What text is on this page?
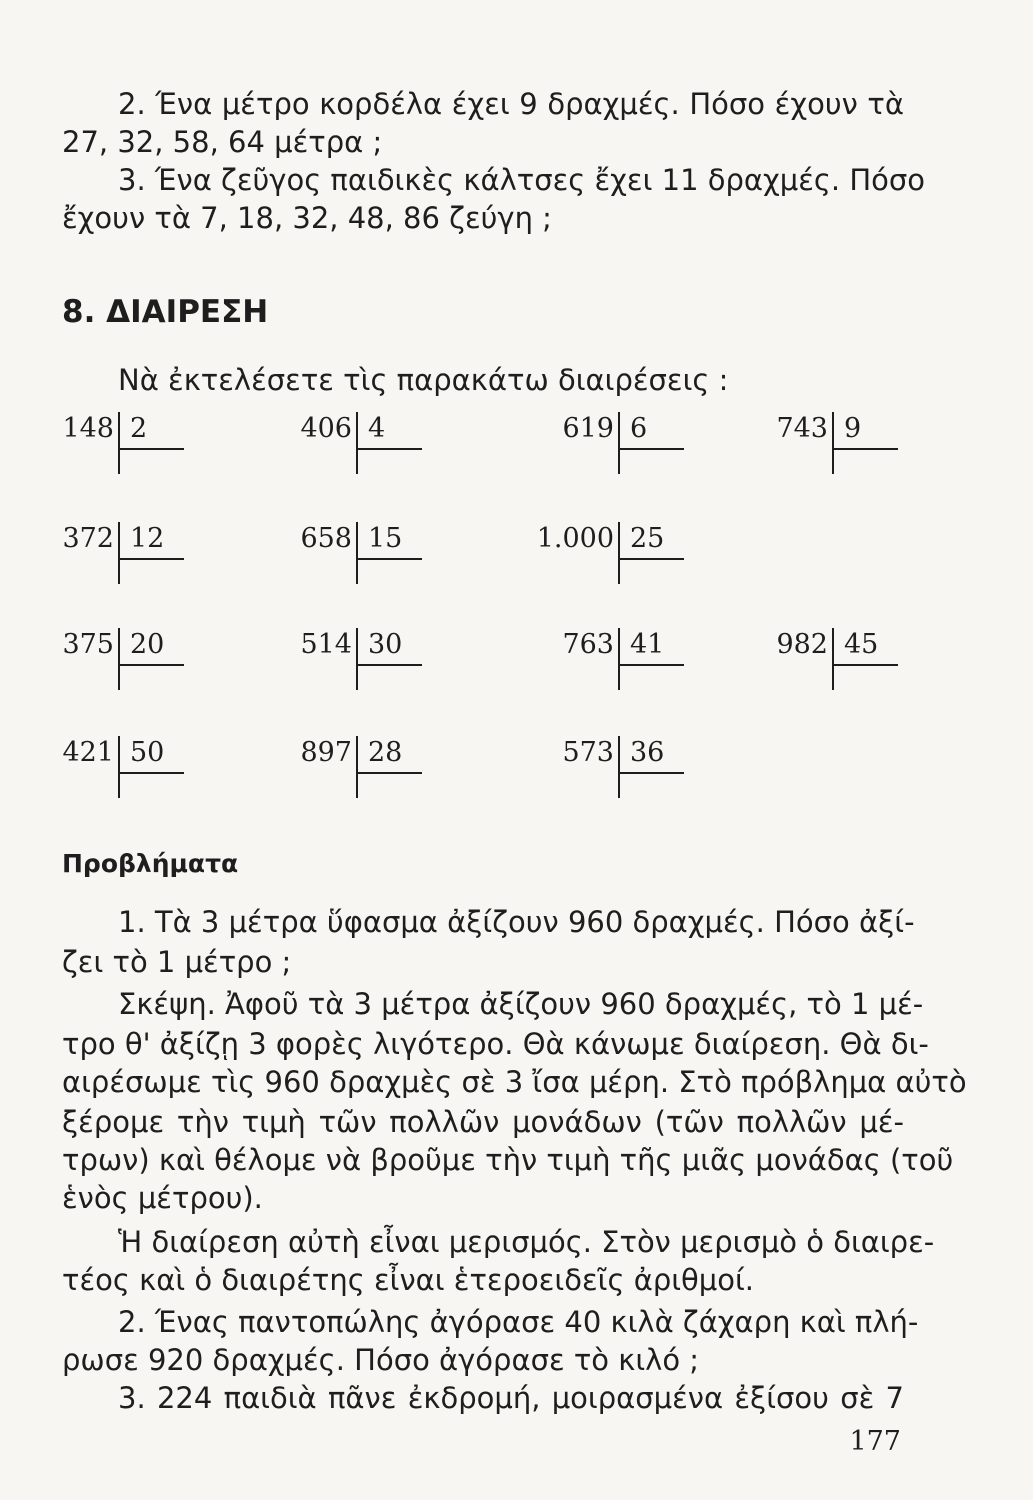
2. Ένα μέτρο κορδέλα έχει 9 δραχμές. Πόσο έχουν τὰ
27, 32, 58, 64 μέτρα ;
3. Ένα ζεῦγος παιδικὲς κάλτσες ἔχει 11 δραχμές. Πόσο
ἔχουν τὰ 7, 18, 32, 48, 86 ζεύγη ;
8. ΔΙΑΙΡΕΣΗ
Νὰ ἐκτελέσετε τὶς παρακάτω διαιρέσεις :
148 2	406 4	619 6	743 9
372 12	658 15	1.000 25
375 20	514 30	763 41	982 45
421 50	897 28	573 36
Προβλήματα
1. Τὰ 3 μέτρα ὕφασμα ἀξίζουν 960 δραχμές. Πόσο ἀξί-
ζει τὸ 1 μέτρο ;
Σκέψη. Ἀφοῦ τὰ 3 μέτρα ἀξίζουν 960 δραχμές, τὸ 1 μέ-
τρο θ' ἀξίζῃ 3 φορὲς λιγότερο. Θὰ κάνωμε διαίρεση. Θὰ δι-
αιρέσωμε τὶς 960 δραχμὲς σὲ 3 ἴσα μέρη. Στὸ πρόβλημα αὐτὸ
ξέρομε τὴν τιμὴ τῶν πολλῶν μονάδων (τῶν πολλῶν μέ-
τρων) καὶ θέλομε νὰ βροῦμε τὴν τιμὴ τῆς μιᾶς μονάδας (τοῦ
ἑνὸς μέτρου).
Ἡ διαίρεση αὐτὴ εἶναι μερισμός. Στὸν μερισμὸ ὁ διαιρε-
τέος καὶ ὁ διαιρέτης εἶναι ἑτεροειδεῖς ἀριθμοί.
2. Ένας παντοπώλης ἀγόρασε 40 κιλὰ ζάχαρη καὶ πλή-
ρωσε 920 δραχμές. Πόσο ἀγόρασε τὸ κιλό ;
3. 224 παιδιὰ πᾶνε ἐκδρομή, μοιρασμένα ἐξίσου σὲ 7
177
